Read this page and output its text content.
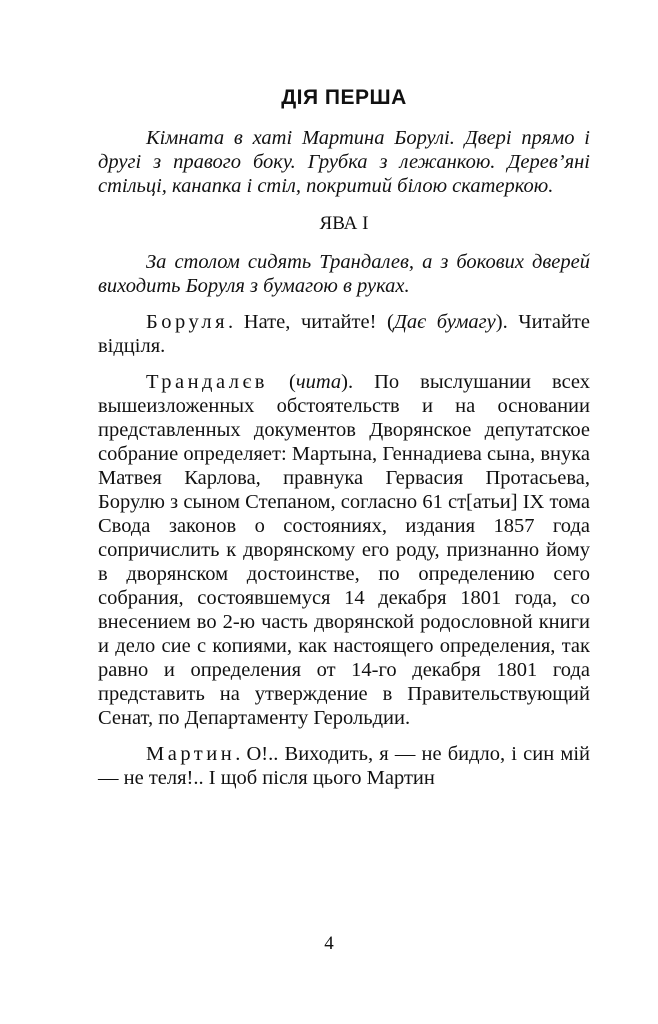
ДІЯ ПЕРША

Кімната в хаті Мартина Борулі. Двері прямо і другі з правого боку. Грубка з лежанкою. Дерев’яні стільці, канапка і стіл, покритий білою скатеркою.

ЯВА І

За столом сидять Трандалев, а з бокових дверей виходить Боруля з бумагою в руках.

Боруля. Нате, читайте! (Дає бумагу). Читайте відціля.

Трандалєв (чита). По выслушании всех вышеизложенных обстоятельств и на основании представленных документов Дворянское депутатское собрание определяет: Мартына, Геннадиева сына, внука Матвея Карлова, правнука Гервасия Протасьева, Борулю з сыном Степаном, согласно 61 ст[атьи] IX тома Свода законов о состояниях, издания 1857 года сопричислить к дворянскому его роду, признанно йому в дворянском достоинстве, по определению сего собрания, состоявшемуся 14 декабря 1801 года, со внесением во 2-ю часть дворянской родословной книги и дело сие с копиями, как настоящего определения, так равно и определения от 14-го декабря 1801 года представить на утверждение в Правительствующий Сенат, по Департаменту Герольдии.

Мартин. О!.. Виходить, я — не бидло, і син мій — не теля!.. І щоб після цього Мартин

4
